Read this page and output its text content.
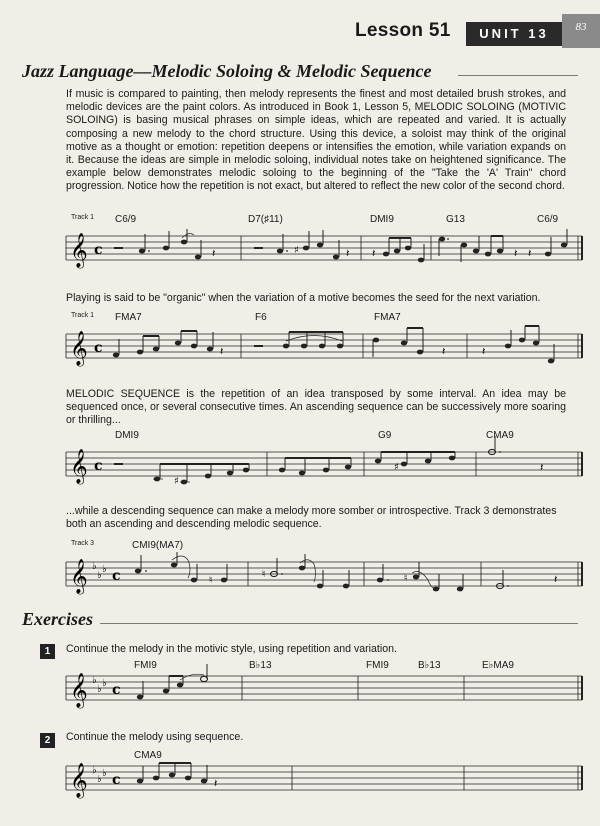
Lesson 51	UNIT 13	83
Jazz Language—Melodic Soloing & Melodic Sequence
If music is compared to painting, then melody represents the finest and most detailed brush strokes, and melodic devices are the paint colors. As introduced in Book 1, Lesson 5, MELODIC SOLOING (MOTIVIC SOLOING) is basing musical phrases on simple ideas, which are repeated and varied. It is actually composing a new melody to the chord structure. Using this device, a soloist may think of the original motive as a thought or emotion: repetition deepens or intensifies the emotion, while variation expands on it. Because the ideas are simple in melodic soloing, individual notes take on heightened significance. The example below demonstrates melodic soloing to the beginning of the "Take the 'A' Train" chord progression. Notice how the repetition is not exact, but altered to reflect the new color of the second chord.
Track 1 C6/9	D7(♯11)	DMI9	G13	C6/9
𝄞 c	𝄽	♯	𝄽 𝄽	𝄽 𝄽
Playing is said to be "organic" when the variation of a motive becomes the seed for the next variation.
Track 1 FMA7	F6	FMA7
𝄞 c	𝄽	𝄽	𝄽
MELODIC SEQUENCE is the repetition of an idea transposed by some interval. An idea may be sequenced once, or several consecutive times. An ascending sequence can be successively more soaring or thrilling...
DMI9	G9	CMA9
𝄞 c
♯
♯	𝄽
...while a descending sequence can make a melody more somber or introspective. Track 3 demonstrates both an ascending and descending melodic sequence.
Track 3	CMI9(MA7)
𝄞 ♭
♭
♭ c	♮
♮	♮	𝄽
Exercises
1	Continue the melody in the motivic style, using repetition and variation.
FMI9	B♭13	FMI9	B♭13	E♭MA9
𝄞 ♭
♭
♭ c
2	Continue the melody using sequence.
CMA9
𝄞 ♭
♭
♭ c	𝄽
